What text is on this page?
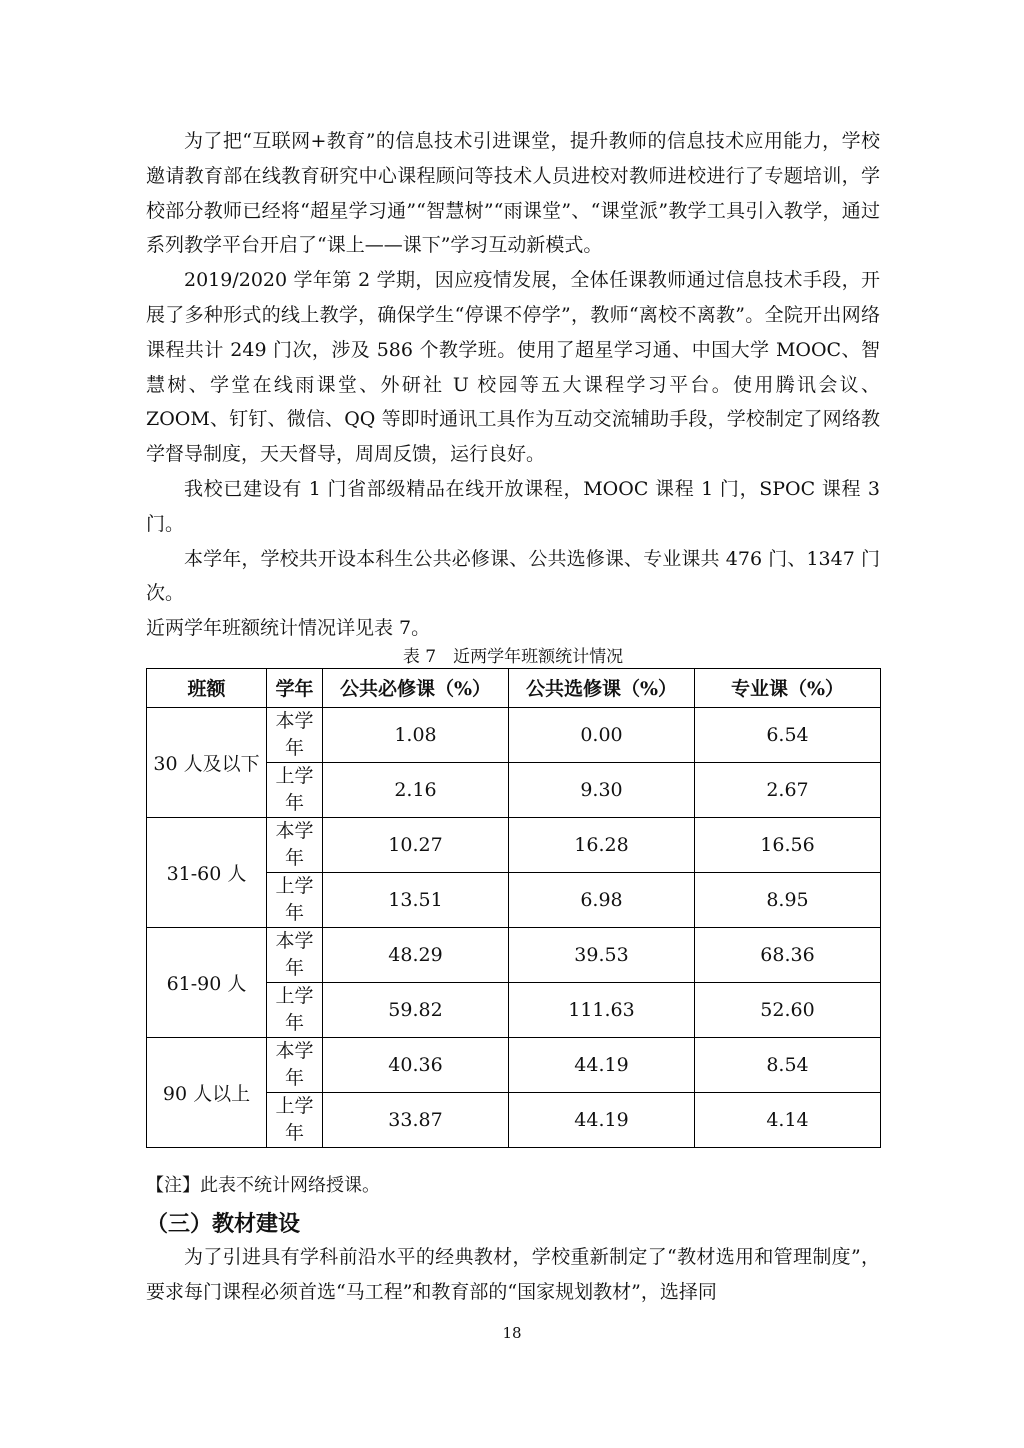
为了把“互联网+教育”的信息技术引进课堂，提升教师的信息技术应用能力，学校邀请教育部在线教育研究中心课程顾问等技术人员进校对教师进校进行了专题培训，学校部分教师已经将“超星学习通”“智慧树”“雨课堂”、“课堂派”教学工具引入教学，通过系列教学平台开启了“课上——课下”学习互动新模式。

2019/2020 学年第 2 学期，因应疫情发展，全体任课教师通过信息技术手段，开展了多种形式的线上教学，确保学生“停课不停学”，教师“离校不离教”。全院开出网络课程共计 249 门次，涉及 586 个教学班。使用了超星学习通、中国大学 MOOC、智慧树、学堂在线雨课堂、外研社 U 校园等五大课程学习平台。使用腾讯会议、ZOOM、钉钉、微信、QQ 等即时通讯工具作为互动交流辅助手段，学校制定了网络教学督导制度，天天督导，周周反馈，运行良好。

我校已建设有 1 门省部级精品在线开放课程，MOOC 课程 1 门，SPOC 课程 3 门。

本学年，学校共开设本科生公共必修课、公共选修课、专业课共 476 门、1347 门次。

近两学年班额统计情况详见表 7。

表 7　近两学年班额统计情况

班额	学年	公共必修课（%）	公共选修课（%）	专业课（%）
30 人及以下	本学年	1.08	0.00	6.54
	上学年	2.16	9.30	2.67
31-60 人	本学年	10.27	16.28	16.56
	上学年	13.51	6.98	8.95
61-90 人	本学年	48.29	39.53	68.36
	上学年	59.82	111.63	52.60
90 人以上	本学年	40.36	44.19	8.54
	上学年	33.87	44.19	4.14

【注】此表不统计网络授课。

（三）教材建设

为了引进具有学科前沿水平的经典教材，学校重新制定了“教材选用和管理制度”，要求每门课程必须首选“马工程”和教育部的“国家规划教材”，选择同

18
